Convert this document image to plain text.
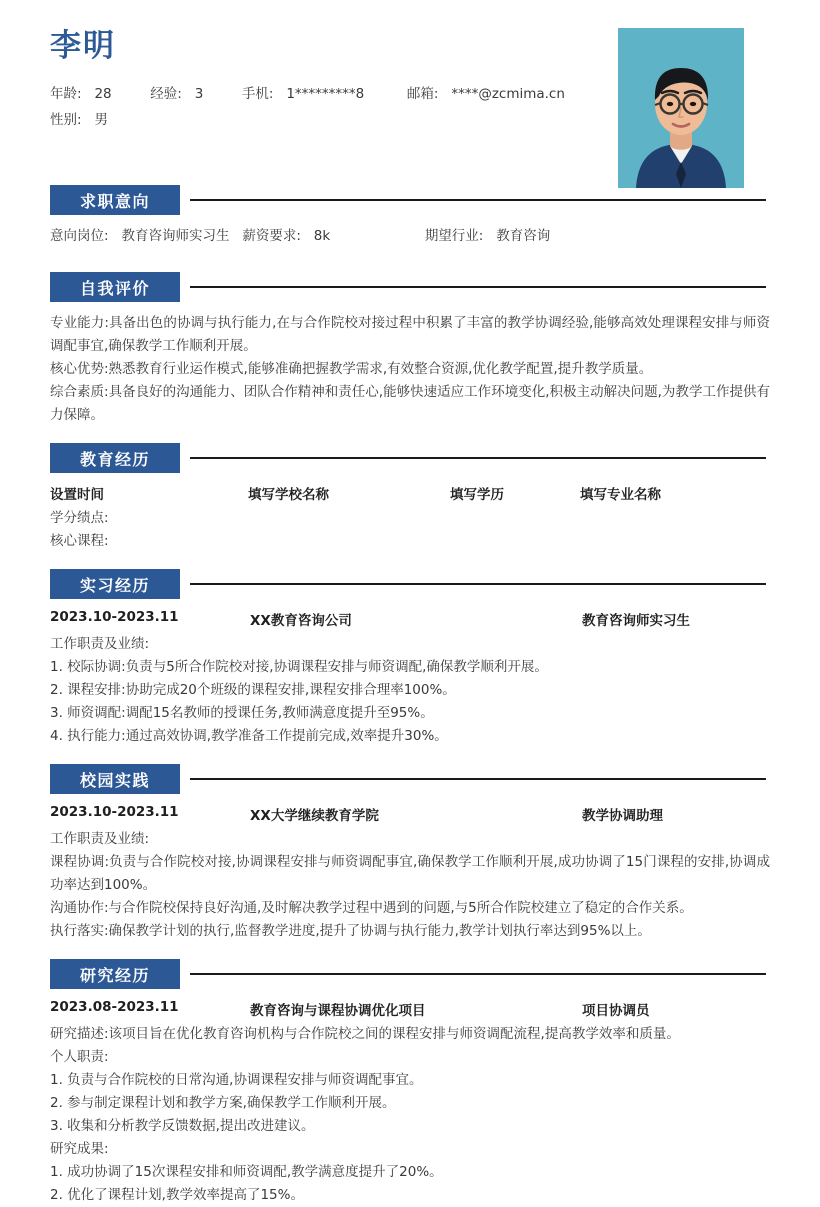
李明
年龄: 28	经验: 3	手机: 1*********8	邮箱: ****@zcmima.cn
性别: 男
求职意向
意向岗位: 教育咨询师实习生 薪资要求: 8k	期望行业: 教育咨询
自我评价
专业能力:具备出色的协调与执行能力,在与合作院校对接过程中积累了丰富的教学协调经验,能够高效处理课程安排与师资调配事宜,确保教学工作顺利开展。
核心优势:熟悉教育行业运作模式,能够准确把握教学需求,有效整合资源,优化教学配置,提升教学质量。
综合素质:具备良好的沟通能力、团队合作精神和责任心,能够快速适应工作环境变化,积极主动解决问题,为教学工作提供有力保障。
教育经历
设置时间	填写学校名称	填写学历	填写专业名称
学分绩点:
核心课程:
实习经历
2023.10-2023.11	XX教育咨询公司	教育咨询师实习生
工作职责及业绩:
1. 校际协调:负责与5所合作院校对接,协调课程安排与师资调配,确保教学顺利开展。
2. 课程安排:协助完成20个班级的课程安排,课程安排合理率100%。
3. 师资调配:调配15名教师的授课任务,教师满意度提升至95%。
4. 执行能力:通过高效协调,教学准备工作提前完成,效率提升30%。
校园实践
2023.10-2023.11	XX大学继续教育学院	教学协调助理
工作职责及业绩:
课程协调:负责与合作院校对接,协调课程安排与师资调配事宜,确保教学工作顺利开展,成功协调了15门课程的安排,协调成功率达到100%。
沟通协作:与合作院校保持良好沟通,及时解决教学过程中遇到的问题,与5所合作院校建立了稳定的合作关系。
执行落实:确保教学计划的执行,监督教学进度,提升了协调与执行能力,教学计划执行率达到95%以上。
研究经历
2023.08-2023.11	教育咨询与课程协调优化项目	项目协调员
研究描述:该项目旨在优化教育咨询机构与合作院校之间的课程安排与师资调配流程,提高教学效率和质量。
个人职责:
1. 负责与合作院校的日常沟通,协调课程安排与师资调配事宜。
2. 参与制定课程计划和教学方案,确保教学工作顺利开展。
3. 收集和分析教学反馈数据,提出改进建议。
研究成果:
1. 成功协调了15次课程安排和师资调配,教学满意度提升了20%。
2. 优化了课程计划,教学效率提高了15%。
